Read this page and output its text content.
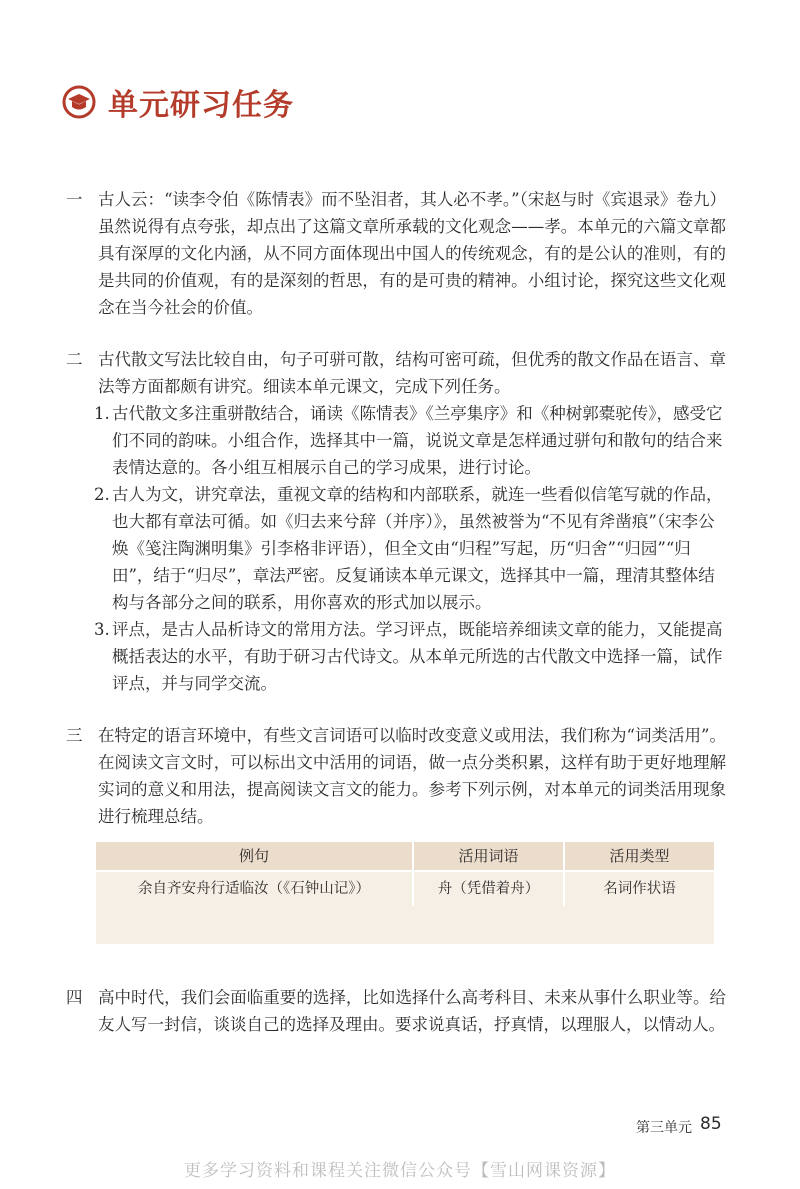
单元研习任务
一 古人云：“读李令伯《陈情表》而不坠泪者，其人必不孝。”（宋赵与时《宾退录》卷九）虽然说得有点夸张，却点出了这篇文章所承载的文化观念——孝。本单元的六篇文章都具有深厚的文化内涵，从不同方面体现出中国人的传统观念，有的是公认的准则，有的是共同的价值观，有的是深刻的哲思，有的是可贵的精神。小组讨论，探究这些文化观念在当今社会的价值。
二 古代散文写法比较自由，句子可骈可散，结构可密可疏，但优秀的散文作品在语言、章法等方面都颇有讲究。细读本单元课文，完成下列任务。
1. 古代散文多注重骈散结合，诵读《陈情表》《兰亭集序》和《种树郭橐驼传》，感受它们不同的韵味。小组合作，选择其中一篇，说说文章是怎样通过骈句和散句的结合来表情达意的。各小组互相展示自己的学习成果，进行讨论。
2. 古人为文，讲究章法，重视文章的结构和内部联系，就连一些看似信笔写就的作品，也大都有章法可循。如《归去来兮辞（并序）》，虽然被誉为“不见有斧凿痕”（宋李公焕《笺注陶渊明集》引李格非评语），但全文由“归程”写起，历“归舍”“归园”“归田”，结于“归尽”，章法严密。反复诵读本单元课文，选择其中一篇，理清其整体结构与各部分之间的联系，用你喜欢的形式加以展示。
3. 评点，是古人品析诗文的常用方法。学习评点，既能培养细读文章的能力，又能提高概括表达的水平，有助于研习古代诗文。从本单元所选的古代散文中选择一篇，试作评点，并与同学交流。
三 在特定的语言环境中，有些文言词语可以临时改变意义或用法，我们称为“词类活用”。在阅读文言文时，可以标出文中活用的词语，做一点分类积累，这样有助于更好地理解实词的意义和用法，提高阅读文言文的能力。参考下列示例，对本单元的词类活用现象进行梳理总结。
例句	活用词语	活用类型
余自齐安舟行适临汝（《石钟山记》）	舟（凭借着舟）	名词作状语
四 高中时代，我们会面临重要的选择，比如选择什么高考科目、未来从事什么职业等。给友人写一封信，谈谈自己的选择及理由。要求说真话，抒真情，以理服人，以情动人。
第三单元 85
更多学习资料和课程关注微信公众号【雪山网课资源】
